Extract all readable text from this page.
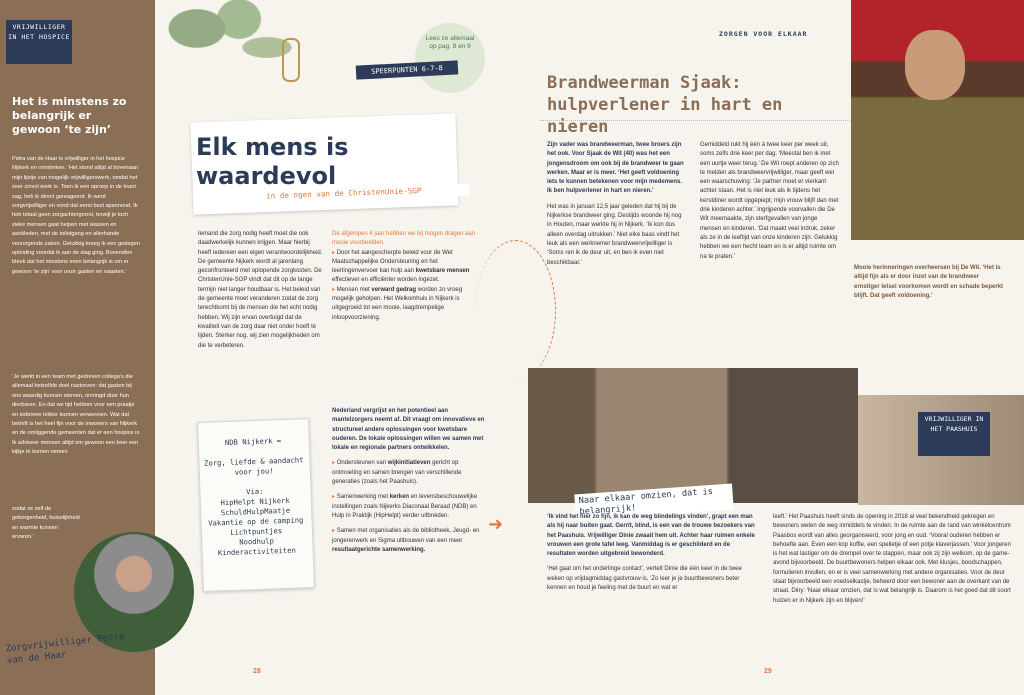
VRIJWILLIGER IN HET HOSPICE
Het is minstens zo belangrijk er gewoon ‘te zijn’
Petra van de Haar is vrijwilliger in het hospice Nijkerk en omstreken. ‘Het stond altijd al bovenaan mijn lijstje van mogelijk vrijwilligerswerk, omdat het zeer zinvol werk is. Toen ik een oproep in de krant zag, heb ik direct gereageerd. Ik werd zorgvrijwilliger en vond dat eerst best spannend. Ik heb totaal geen zorgachtergrond, terwijl je toch zieke mensen gaat helpen met wassen en aankleden, met de toiletgang en allerhande verzorgende zaken. Gelukkig kreeg ik een gedegen opleiding voordat ik aan de slag ging. Bovendien bleek dat het minstens even belangrijk is om er gewoon ‘te zijn’ voor onze gasten en naasten.’
‘Je werkt in een team met gedreven collega’s die allemaal hetzelfde doel nastreven: dat gasten bij ons waardig kunnen sterven, omringd door hun dierbaren. En dat we tijd hebben voor een praatje en iedereen lekker kunnen verwennen. Wat dat betreft is het heel fijn voor de inwoners van Nijkerk en de omliggende gemeenten dat er een hospice is. Ik adviseer mensen altijd om gewoon een keer een kijkje te komen nemen
zodat ze zelf de geborgenheid, huiselijkheid en warmte kunnen ervaren.’
Lees ze allemaal op pag. 8 en 9
SPEERPUNTEN 6-7-8
Elk mens is waardevol
in de ogen van de ChristenUnie-SGP
Iemand die zorg nodig heeft moet die ook daadwerkelijk kunnen krijgen. Maar hierbij heeft iedereen een eigen verantwoordelijkheid. De gemeente Nijkerk wordt al jarenlang geconfronteerd met oplopende zorgkosten. De ChristenUnie-SGP vindt dat dit op de lange termijn niet langer houdbaar is. Het beleid van de gemeente moet veranderen zodat de zorg terechtkomt bij de mensen die het echt nodig hebben. Wij zijn ervan overtuigd dat de kwaliteit van de zorg daar niet onder hoeft te lijden. Sterker nog, wij zien mogelijkheden om die te verbeteren.

De afgelopen 4 jaar hebben we bij mogen dragen aan mooie voorbeelden.

▸ Door het aangescherpte beleid voor de Wet Maatschappelijke Ondersteuning en het leerlingenvervoer kan hulp aan kwetsbare mensen effectiever en efficiënter worden ingezet.

▸ Mensen met verward gedrag worden zo vroeg mogelijk geholpen. Het Welkomhuis in Nijkerk is uitgegroeid tot een mooie, laagdrempelige inloopvoorziening.

NDB Nijkerk =

Zorg, liefde & aandacht voor jou!

Via:
HipHelpt Nijkerk
SchuldHulpMaatje
Vakantie op de camping
Lichtpuntjes
Noodhulp
Kinderactiviteiten

Nederland vergrijst en het potentieel aan mantelzorgers neemt af. Dit vraagt om innovatieve en structureel andere oplossingen voor kwetsbare ouderen. De lokale oplossingen willen we samen met lokale en regionale partners ontwikkelen.

▸ Ondersteunen van wijkinitiatieven gericht op ontmoeting en samen brengen van verschillende generaties (zoals het Paashuis).

▸ Samenwerking met kerken en levensbeschouwelijke instellingen zoals Nijkerks Diaconaal Beraad (NDB) en Hulp in Praktijk (HipHelpt) verder uitbreiden.

▸ Samen met organisaties als de bibliotheek, Jeugd- en jongerenwerk en Sigma uitbouwen van een meer resultaatgerichte samenwerking.

Zorgvrijwilliger Petra van de Haar
28
ZORGEN VOOR ELKAAR
Brandweerman Sjaak: hulpverlener in hart en nieren

Zijn vader was brandweerman, twee broers zijn het ook. Voor Sjaak de Wit (40) was het een jongensdroom om ook bij de brandweer te gaan werken. Maar er is meer. ‘Het geeft voldoening iets te kunnen betekenen voor mijn medemens. Ik ben hulpverlener in hart en nieren.’

Het was in januari 12,5 jaar geleden dat hij bij de Nijkerkse brandweer ging. Destijds woonde hij nog in Houten, maar werkte hij in Nijkerk. ‘Ik kon dus alleen overdag uitrukken.’ Niet elke baas vindt het leuk als een werknemer brandweervrijwilliger is ‘Soms ren ik de deur uit, en ben ik even niet beschikbaar.’

Gemiddeld rukt hij één à twee keer per week uit, soms zelfs drie keer per dag. ‘Meestal ben ik met een uurtje weer terug.’ De Wit roept anderen op zich te melden als brandweervrijwilliger, maar geeft wel een waarschuwing: ‘Je partner moet er vierkant achter staan. Het is niet leuk als ik tijdens het kerstdiner wordt opgepiept; mijn vrouw blijft dan met drie kinderen achter.’ Ingrijpende voorvallen die De Wit meemaakte, zijn sterfgevallen van jonge mensen en kinderen. ‘Dat maakt veel indruk, zeker als ze in de leeftijd van onze kinderen zijn. Gelukkig hebben we een hecht team en is er altijd ruimte om na te praten.’
Mooie herinneringen overheersen bij De Wit. ‘Het is altijd fijn als er door inzet van de brandweer ernstiger letsel voorkomen wordt en schade beperkt blijft. Dat geeft voldoening.’
VRIJWILLIGER IN HET PAASHUIS
Naar elkaar omzien, dat is belangrijk!
➜	‘Ik vind het hier zo fijn, ik kan de weg blindelings vinden’, grapt een man als hij naar buiten gaat. Gerrit, blind, is een van de trouwe bezoekers van het Paashuis. Vrijwilliger Dinie zwaait hem uit. Achter haar ruimen enkele vrouwen een grote tafel leeg. Vanmiddag is er geschilderd en de resultaten worden uitgebreid bewonderd.

‘Het gaat om het onderlinge contact’, vertelt Dinie die één keer in de twee weken op vrijdagmiddag gastvrouw is. ‘Zo leer je je buurtbewoners beter kennen en houd je feeling met de buurt en wat er

leeft.’ Het Paashuis heeft sinds de opening in 2018 al veel bekendheid gekregen en bewoners weten de weg inmiddels te vinden. In de ruimte aan de rand van winkelcentrum Paasbos wordt van alles georganiseerd, voor jong en oud. ‘Vooral ouderen hebben er behoefte aan. Even een kop koffie, een spelletje of een potje klaverjassen.’ Voor jongeren is het wat lastiger om de drempel over te stappen, maar ook zij zijn welkom, op de game-avond bijvoorbeeld. De buurtbewoners helpen elkaar ook. Met klusjes, boodschappen, formulieren invullen, en er is veel samenwerking met andere organisaties. Voor de deur staat bijvoorbeeld een voedselkastje, beheerd door een bewoner aan de overkant van de straat. Diny: ‘Naar elkaar omzien, dat is wat belangrijk is. Daarom is het goed dat dit soort huizen er in Nijkerk zijn en blijven!’
29
